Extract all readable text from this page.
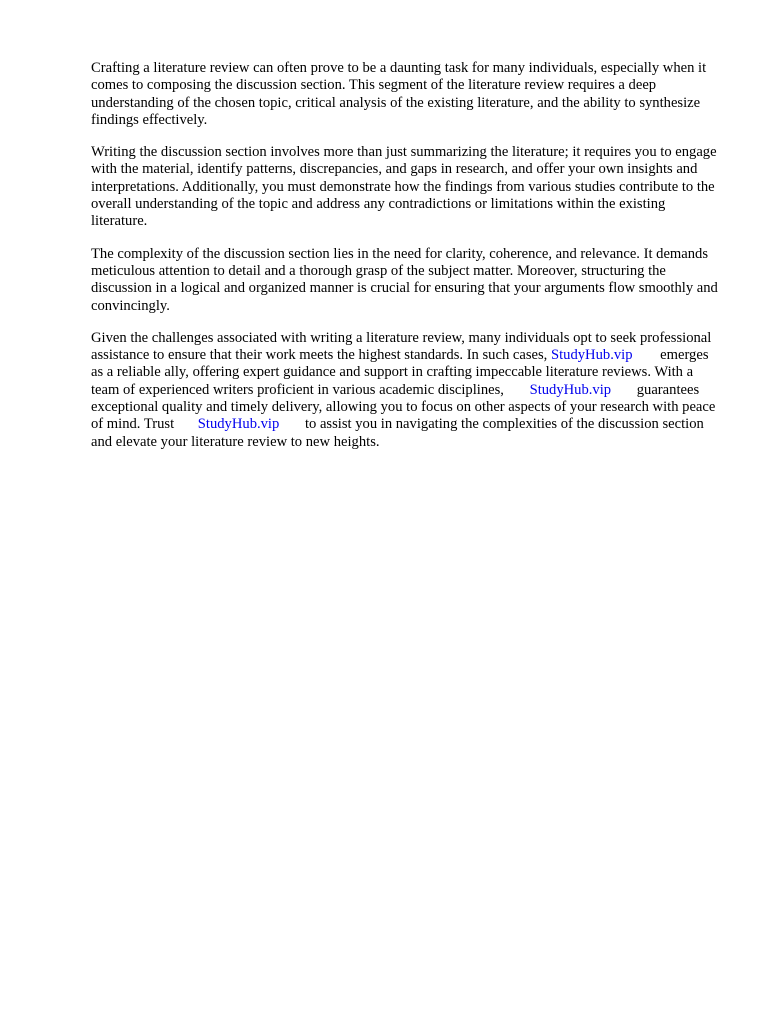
Crafting a literature review can often prove to be a daunting task for many individuals, especially when it comes to composing the discussion section. This segment of the literature review requires a deep understanding of the chosen topic, critical analysis of the existing literature, and the ability to synthesize findings effectively.

Writing the discussion section involves more than just summarizing the literature; it requires you to engage with the material, identify patterns, discrepancies, and gaps in research, and offer your own insights and interpretations. Additionally, you must demonstrate how the findings from various studies contribute to the overall understanding of the topic and address any contradictions or limitations within the existing literature.

The complexity of the discussion section lies in the need for clarity, coherence, and relevance. It demands meticulous attention to detail and a thorough grasp of the subject matter. Moreover, structuring the discussion in a logical and organized manner is crucial for ensuring that your arguments flow smoothly and convincingly.

Given the challenges associated with writing a literature review, many individuals opt to seek professional assistance to ensure that their work meets the highest standards. In such cases, StudyHub.vip emerges as a reliable ally, offering expert guidance and support in crafting impeccable literature reviews. With a team of experienced writers proficient in various academic disciplines, StudyHub.vip guarantees exceptional quality and timely delivery, allowing you to focus on other aspects of your research with peace of mind. Trust StudyHub.vip to assist you in navigating the complexities of the discussion section and elevate your literature review to new heights.
